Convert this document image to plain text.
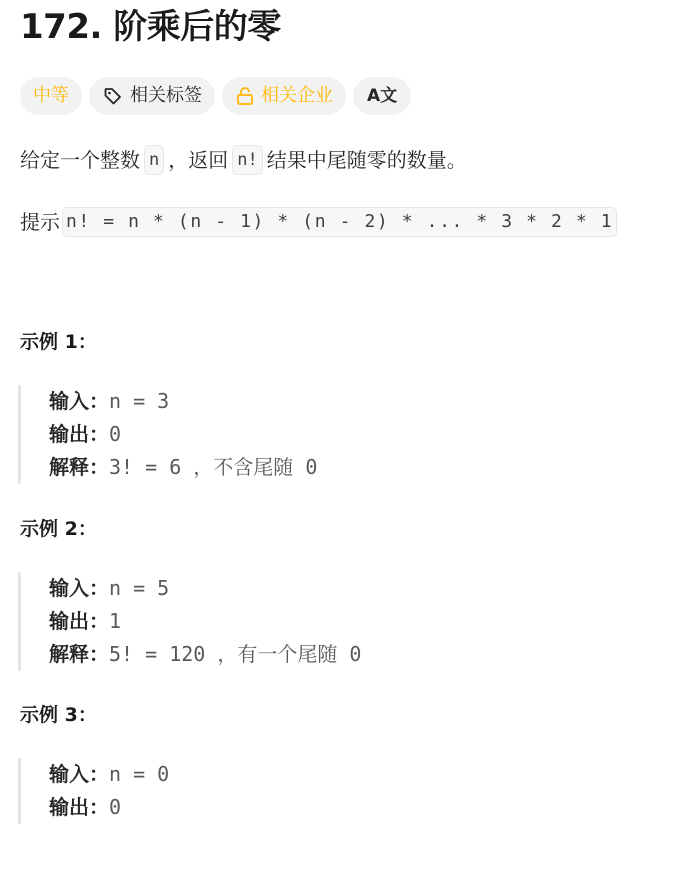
172. 阶乘后的零
中等	相关标签	相关企业 A文
给定一个整数 n ，返回 n! 结果中尾随零的数量。
提示 n! = n * (n - 1) * (n - 2) * ... * 3 * 2 * 1
示例 1：
输入： n = 3
输出： 0
解释： 3! = 6 ，不含尾随 0
示例 2：
输入： n = 5
输出： 1
解释： 5! = 120 ，有一个尾随 0
示例 3：
输入： n = 0
输出： 0
